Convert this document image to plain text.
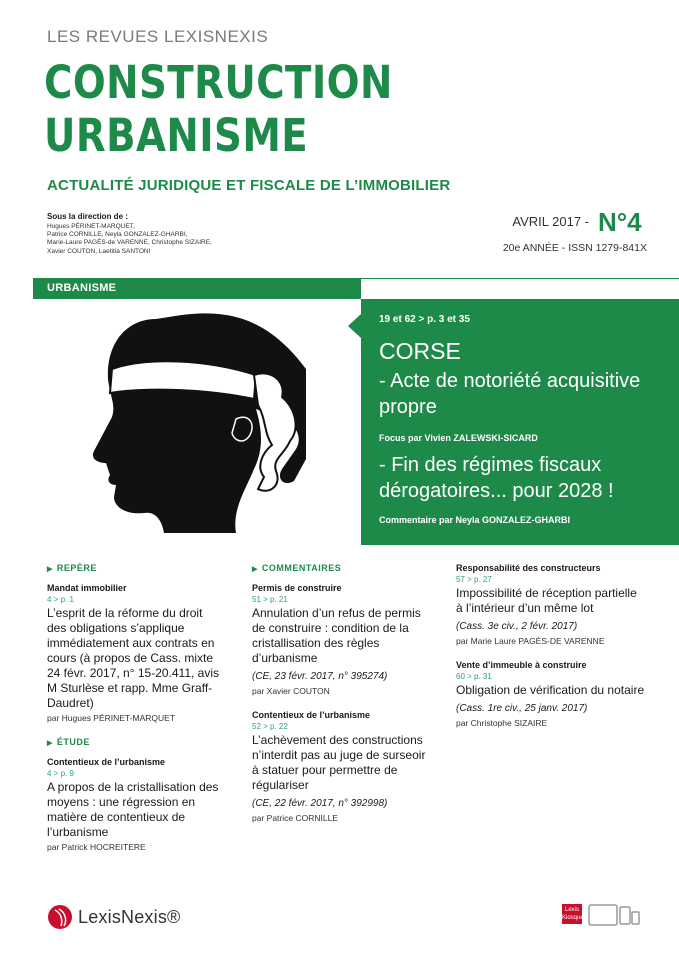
LES REVUES LEXISNEXIS
CONSTRUCTION
URBANISME
ACTUALITÉ JURIDIQUE ET FISCALE DE L’IMMOBILIER
Sous la direction de :
Hugues PÉRINET-MARQUET,
Patrice CORNILLE, Neyla GONZALEZ-GHARBI,
Marie-Laure PAGÈS-de VARENNE, Christophe SIZAIRE,
Xavier COUTON, Laetitia SANTONI
AVRIL 2017 - N°4
20e ANNÉE - ISSN 1279-841X
URBANISME
19 et 62 > p. 3 et 35
CORSE
- Acte de notoriété acquisitive propre
Focus par Vivien ZALEWSKI-SICARD
- Fin des régimes fiscaux dérogatoires... pour 2028 !
Commentaire par Neyla GONZALEZ-GHARBI
▶ REPÈRE
Mandat immobilier
4 > p. 1
L’esprit de la réforme du droit des obligations s’applique immédiatement aux contrats en cours (à propos de Cass. mixte 24 févr. 2017, n° 15-20.411, avis M Sturlèse et rapp. Mme Graff-Daudret)
par Hugues PÉRINET-MARQUET
▶ ÉTUDE
Contentieux de l’urbanisme
4 > p. 9
A propos de la cristallisation des moyens : une régression en matière de contentieux de l’urbanisme
par Patrick HOCREITERE
▶ COMMENTAIRES
Permis de construire
51 > p. 21
Annulation d’un refus de permis de construire : condition de la cristallisation des règles d’urbanisme
(CE, 23 févr. 2017, n° 395274)
par Xavier COUTON
Contentieux de l’urbanisme
52 > p. 22
L’achèvement des constructions n’interdit pas au juge de surseoir à statuer pour permettre de régulariser
(CE, 22 févr. 2017, n° 392998)
par Patrice CORNILLE
Responsabilité des constructeurs
57 > p. 27
Impossibilité de réception partielle à l’intérieur d’un même lot
(Cass. 3e civ., 2 févr. 2017)
par Marie Laure PAGÈS-DE VARENNE
Vente d’immeuble à construire
60 > p. 31
Obligation de vérification du notaire
(Cass. 1re civ., 25 janv. 2017)
par Christophe SIZAIRE
LexisNexis®	Lexis Kiosque
